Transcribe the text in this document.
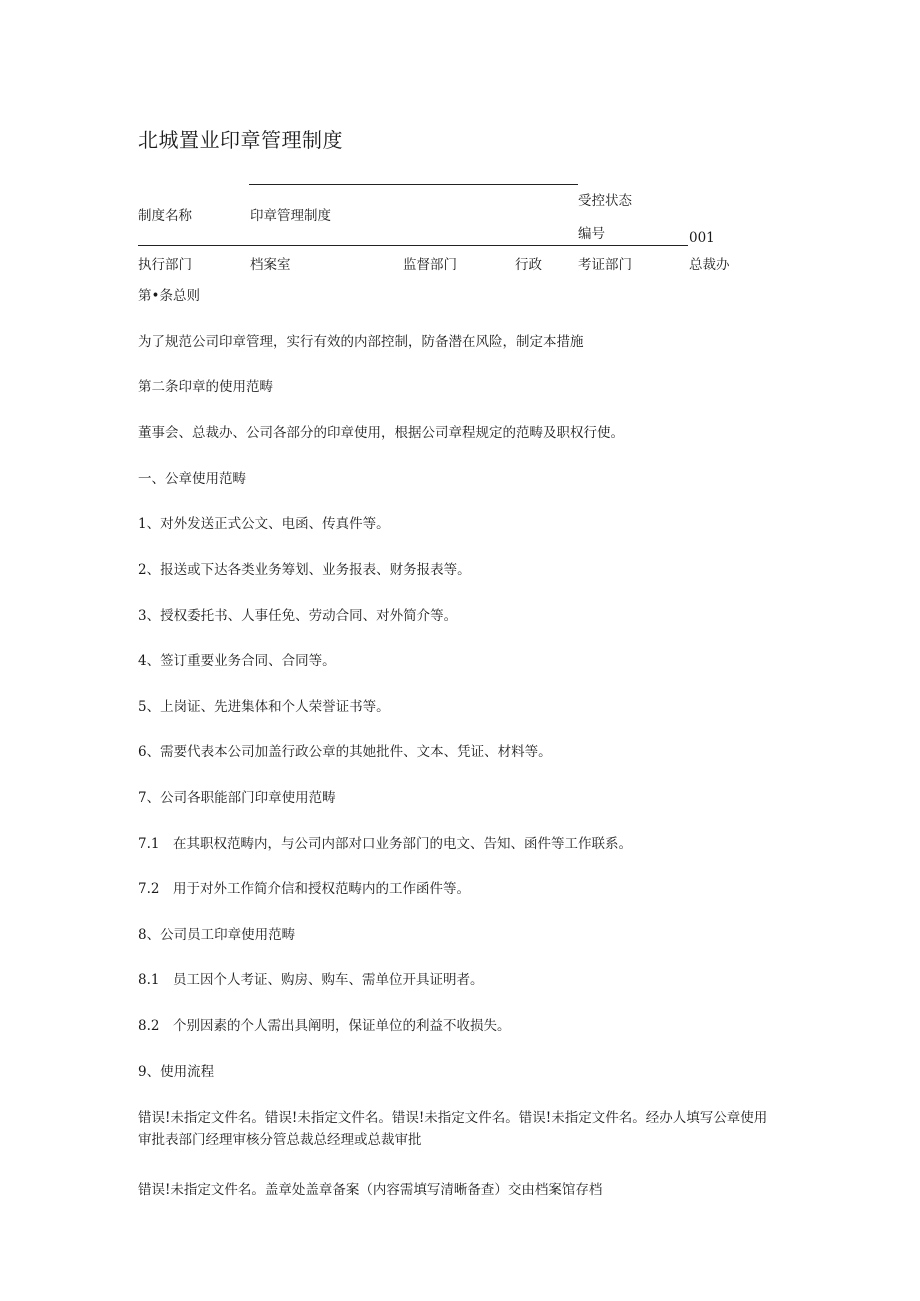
北城置业印章管理制度
制度名称	印章管理制度
受控状态
编号	001
执行部门	档案室	监督部门	行政	考证部门	总裁办
第•条总则
为了规范公司印章管理，实行有效的内部控制，防备潜在风险，制定本措施
第二条印章的使用范畴
董事会、总裁办、公司各部分的印章使用，根据公司章程规定的范畴及职权行使。
一、公章使用范畴
1、对外发送正式公文、电函、传真件等。
2、报送或下达各类业务筹划、业务报表、财务报表等。
3、授权委托书、人事任免、劳动合同、对外简介等。
4、签订重要业务合同、合同等。
5、上岗证、先进集体和个人荣誉证书等。
6、需要代表本公司加盖行政公章的其她批件、文本、凭证、材料等。
7、公司各职能部门印章使用范畴
7.1　在其职权范畴内，与公司内部对口业务部门的电文、告知、函件等工作联系。
7.2　用于对外工作简介信和授权范畴内的工作函件等。
8、公司员工印章使用范畴
8.1　员工因个人考证、购房、购车、需单位开具证明者。
8.2　个别因素的个人需出具阐明，保证单位的利益不收损失。
9、使用流程
错误!未指定文件名。错误!未指定文件名。错误!未指定文件名。错误!未指定文件名。经办人填写公章使用审批表部门经理审核分管总裁总经理或总裁审批
错误!未指定文件名。盖章处盖章备案（内容需填写清晰备查）交由档案馆存档
